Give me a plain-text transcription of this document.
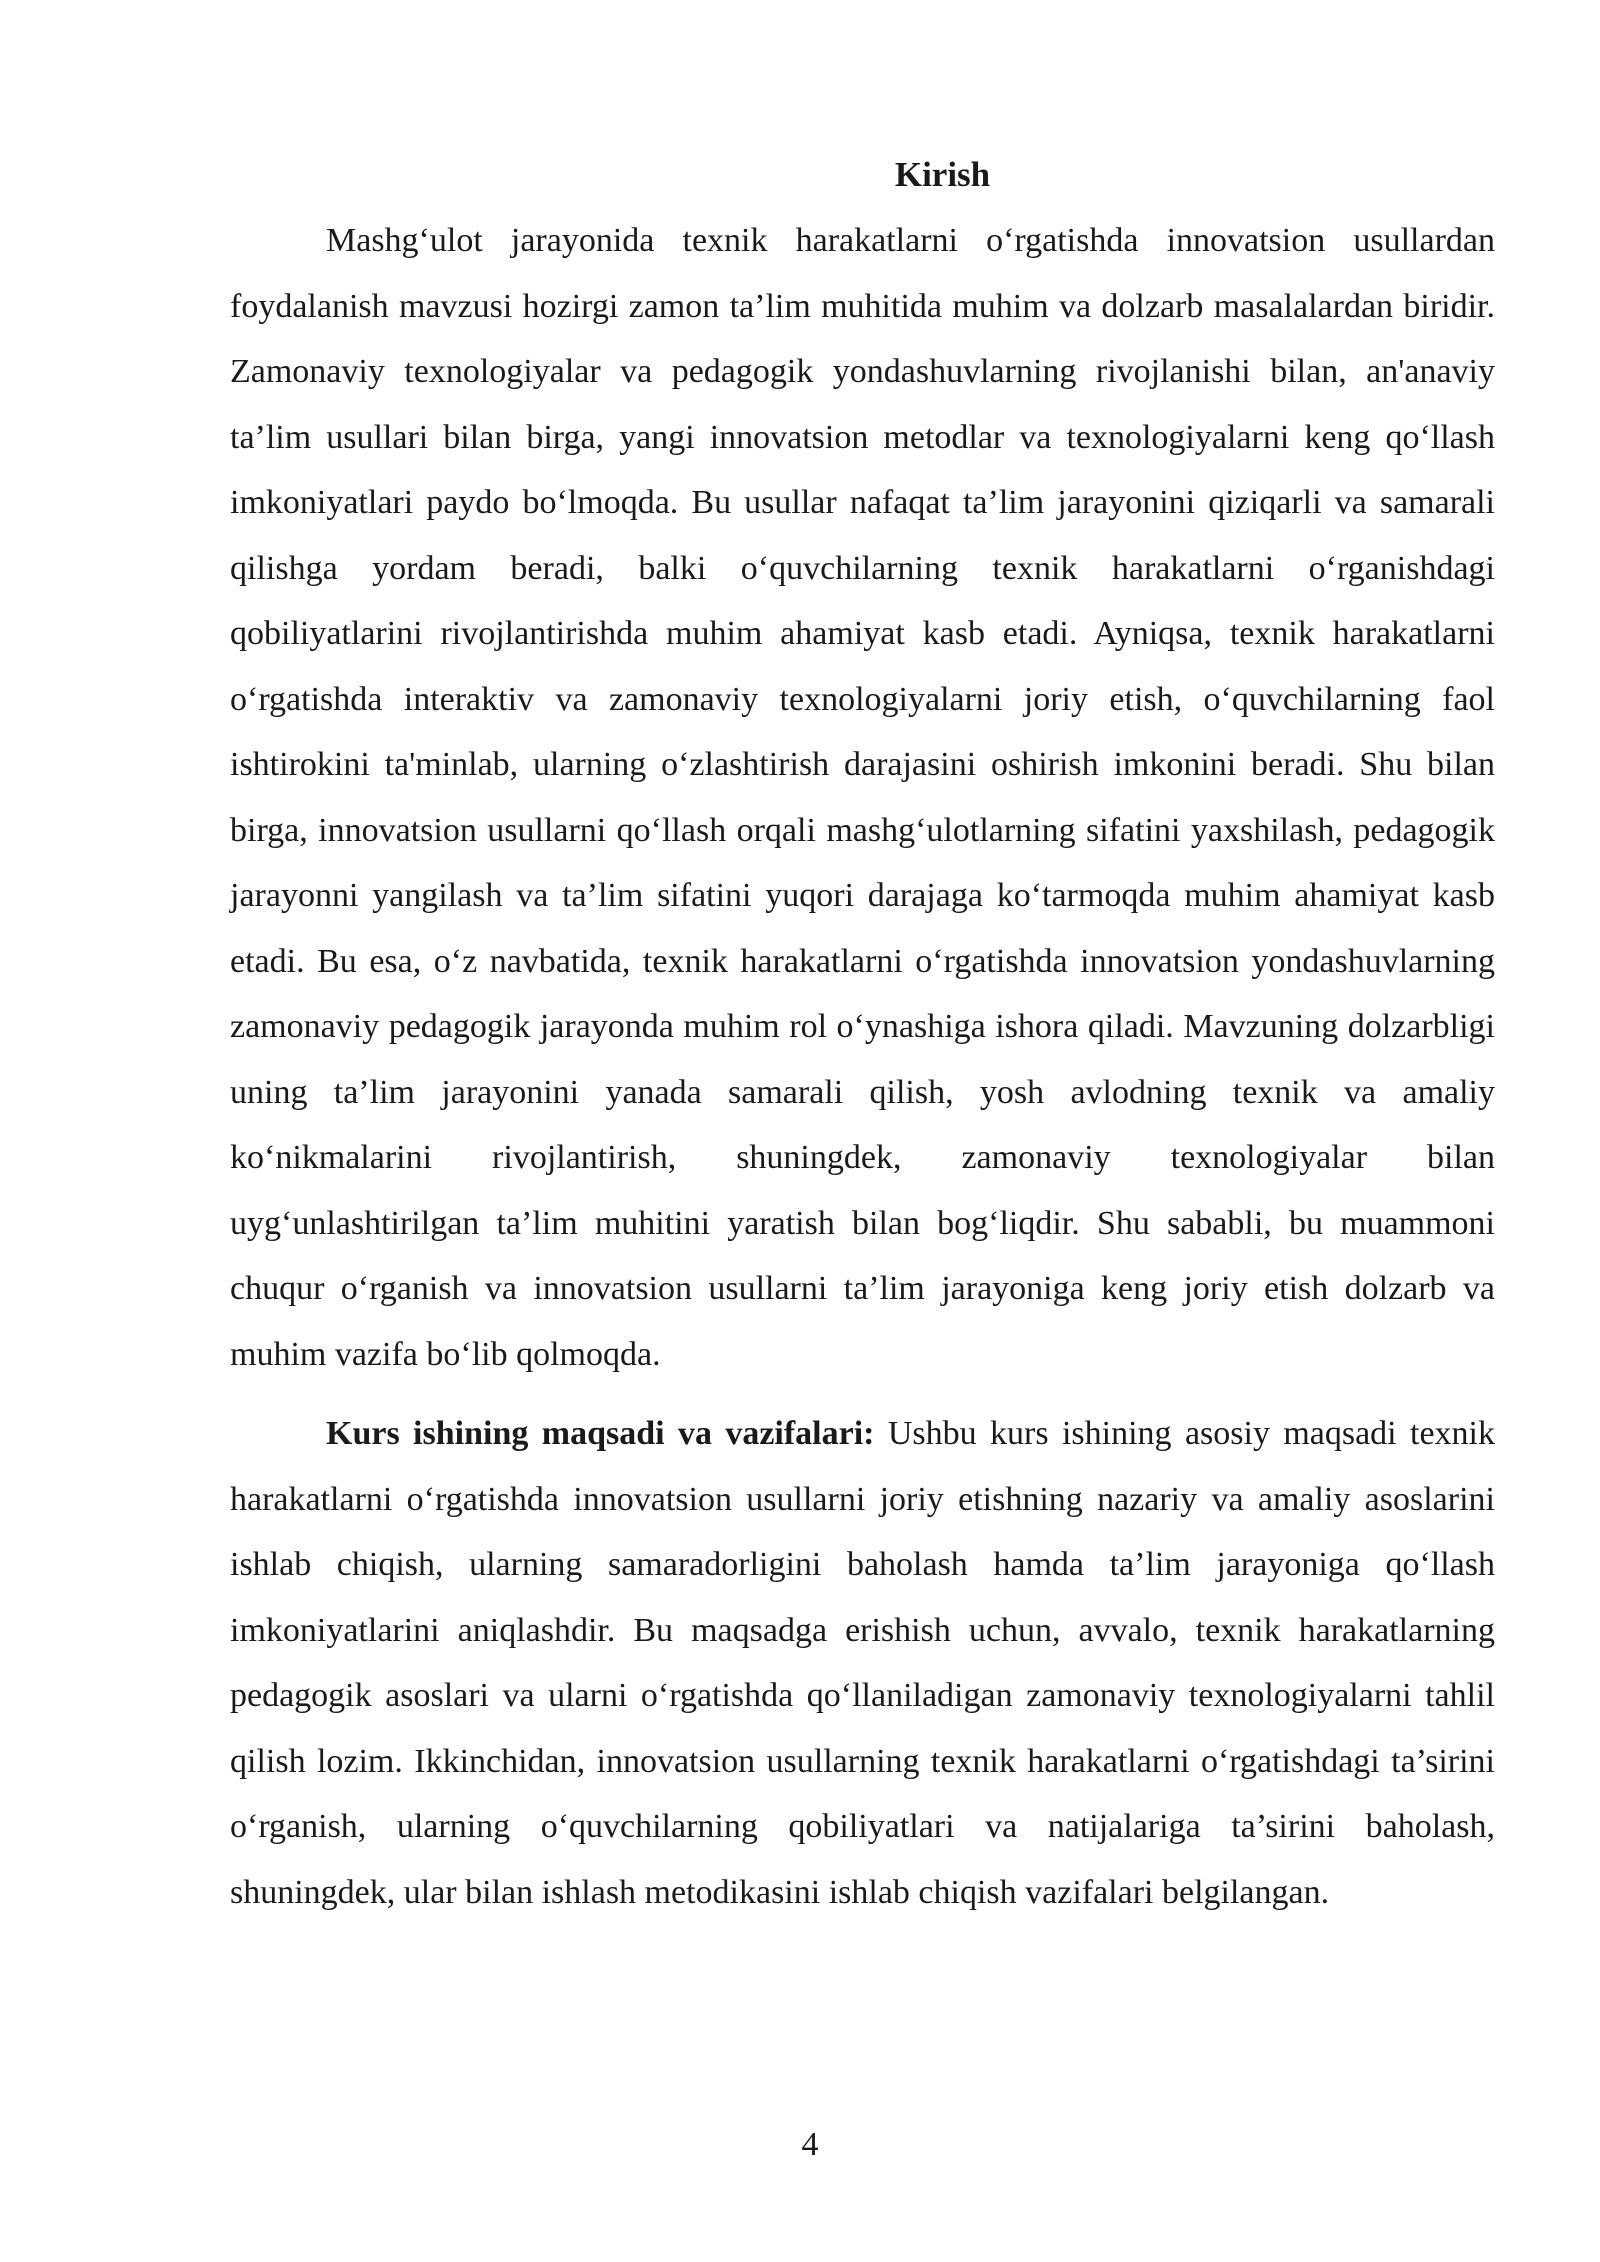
Kirish

Mashg‘ulot jarayonida texnik harakatlarni o‘rgatishda innovatsion usullardan foydalanish mavzusi hozirgi zamon ta’lim muhitida muhim va dolzarb masalalardan biridir. Zamonaviy texnologiyalar va pedagogik yondashuvlarning rivojlanishi bilan, an'anaviy ta’lim usullari bilan birga, yangi innovatsion metodlar va texnologiyalarni keng qo‘llash imkoniyatlari paydo bo‘lmoqda. Bu usullar nafaqat ta’lim jarayonini qiziqarli va samarali qilishga yordam beradi, balki o‘quvchilarning texnik harakatlarni o‘rganishdagi qobiliyatlarini rivojlantirishda muhim ahamiyat kasb etadi. Ayniqsa, texnik harakatlarni o‘rgatishda interaktiv va zamonaviy texnologiyalarni joriy etish, o‘quvchilarning faol ishtirokini ta'minlab, ularning o‘zlashtirish darajasini oshirish imkonini beradi. Shu bilan birga, innovatsion usullarni qo‘llash orqali mashg‘ulotlarning sifatini yaxshilash, pedagogik jarayonni yangilash va ta’lim sifatini yuqori darajaga ko‘tarmoqda muhim ahamiyat kasb etadi. Bu esa, o‘z navbatida, texnik harakatlarni o‘rgatishda innovatsion yondashuvlarning zamonaviy pedagogik jarayonda muhim rol o‘ynashiga ishora qiladi. Mavzuning dolzarbligi uning ta’lim jarayonini yanada samarali qilish, yosh avlodning texnik va amaliy ko‘nikmalarini rivojlantirish, shuningdek, zamonaviy texnologiyalar bilan uyg‘unlashtirilgan ta’lim muhitini yaratish bilan bog‘liqdir. Shu sababli, bu muammoni chuqur o‘rganish va innovatsion usullarni ta’lim jarayoniga keng joriy etish dolzarb va muhim vazifa bo‘lib qolmoqda.

Kurs ishining maqsadi va vazifalari: Ushbu kurs ishining asosiy maqsadi texnik harakatlarni o‘rgatishda innovatsion usullarni joriy etishning nazariy va amaliy asoslarini ishlab chiqish, ularning samaradorligini baholash hamda ta’lim jarayoniga qo‘llash imkoniyatlarini aniqlashdir. Bu maqsadga erishish uchun, avvalo, texnik harakatlarning pedagogik asoslari va ularni o‘rgatishda qo‘llaniladigan zamonaviy texnologiyalarni tahlil qilish lozim. Ikkinchidan, innovatsion usullarning texnik harakatlarni o‘rgatishdagi ta’sirini o‘rganish, ularning o‘quvchilarning qobiliyatlari va natijalariga ta’sirini baholash, shuningdek, ular bilan ishlash metodikasini ishlab chiqish vazifalari belgilangan.

4
